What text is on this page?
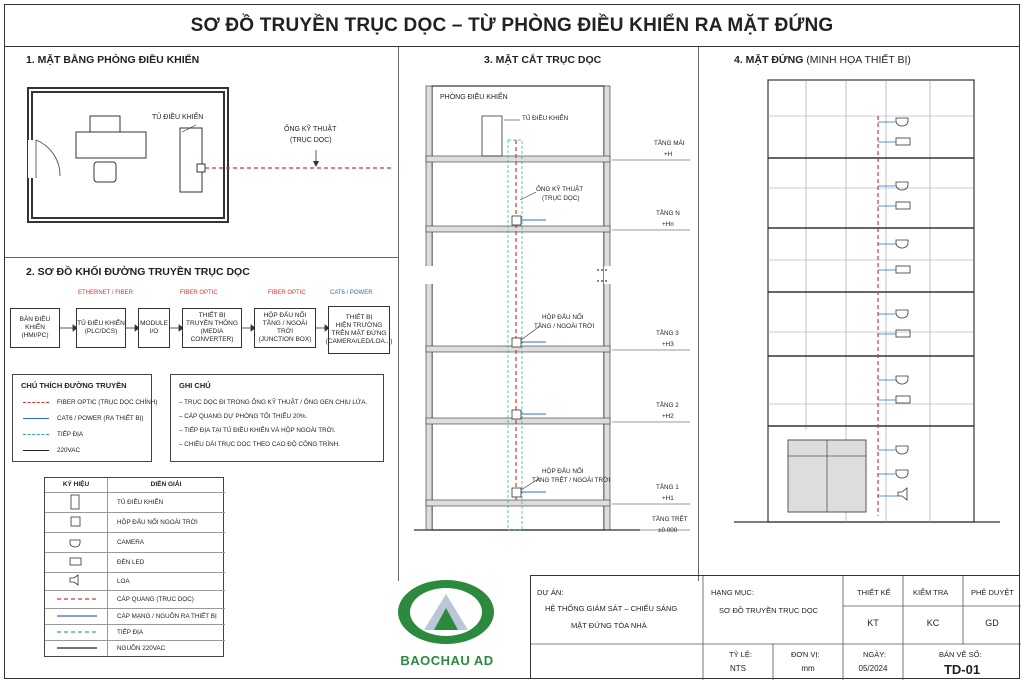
SƠ ĐỒ TRUYỀN TRỤC DỌC – TỪ PHÒNG ĐIỀU KHIỂN RA MẶT ĐỨNG
1. MẶT BẰNG PHÒNG ĐIỀU KHIỂN
TỦ ĐIỀU KHIỂN
ỐNG KỸ THUẬT
(TRỤC DỌC)
2. SƠ ĐỒ KHỐI ĐƯỜNG TRUYỀN TRỤC DỌC
ETHERNET / FIBER	FIBER OPTIC	FIBER OPTIC	CAT6 / POWER
BÀN ĐIỀU KHIỂN
(HMI/PC)
TỦ ĐIỀU KHIỂN
(PLC/DCS)
MODULE
I/O
THIẾT BỊ
TRUYỀN THÔNG
(MEDIA CONVERTER)
HỘP ĐẤU NỐI
TẦNG / NGOÀI TRỜI
(JUNCTION BOX)
THIẾT BỊ
HIỆN TRƯỜNG
TRÊN MẶT ĐỨNG
(CAMERA/LED/LOA...)
CHÚ THÍCH ĐƯỜNG TRUYỀN
FIBER OPTIC (TRỤC DỌC CHÍNH)
CAT6 / POWER (RA THIẾT BỊ)
TIẾP ĐỊA
220VAC
GHI CHÚ
– TRỤC DỌC ĐI TRONG ỐNG KỸ THUẬT / ỐNG GEN CHỊU LỬA.
– CÁP QUANG DỰ PHÒNG TỐI THIỂU 20%.
– TIẾP ĐỊA TẠI TỦ ĐIỀU KHIỂN VÀ HỘP NGOÀI TRỜI.
– CHIỀU DÀI TRỤC DỌC THEO CAO ĐỘ CÔNG TRÌNH.
KÝ HIỆU	DIỄN GIẢI
TỦ ĐIỀU KHIỂN
HỘP ĐẤU NỐI NGOÀI TRỜI
CAMERA
ĐÈN LED
LOA
CÁP QUANG (TRỤC DỌC)
CÁP MẠNG / NGUỒN RA THIẾT BỊ
TIẾP ĐỊA
NGUỒN 220VAC
3. MẶT CẮT TRỤC DỌC
PHÒNG ĐIỀU KHIỂN
TỦ ĐIỀU KHIỂN
ỐNG KỸ THUẬT
(TRỤC DỌC)
HỘP ĐẤU NỐI
TẦNG / NGOÀI TRỜI
HỘP ĐẤU NỐI
TẦNG TRỆT / NGOÀI TRỜI
TẦNG MÁI
+H
TẦNG N
+Hn
TẦNG 3
+H3
TẦNG 2
+H2
TẦNG 1
+H1
TẦNG TRỆT
±0.000
4. MẶT ĐỨNG (MINH HỌA THIẾT BỊ)
BAOCHAU AD
DỰ ÁN:
HỆ THỐNG GIÁM SÁT – CHIẾU SÁNG
MẶT ĐỨNG TÒA NHÀ
HẠNG MỤC:
SƠ ĐỒ TRUYỀN TRỤC DỌC
THIẾT KẾ
KT
KIỂM TRA
KC
PHÊ DUYỆT
GD
TỶ LỆ:
NTS
ĐƠN VỊ:
mm
NGÀY:
05/2024
BẢN VẼ SỐ:
TD-01
